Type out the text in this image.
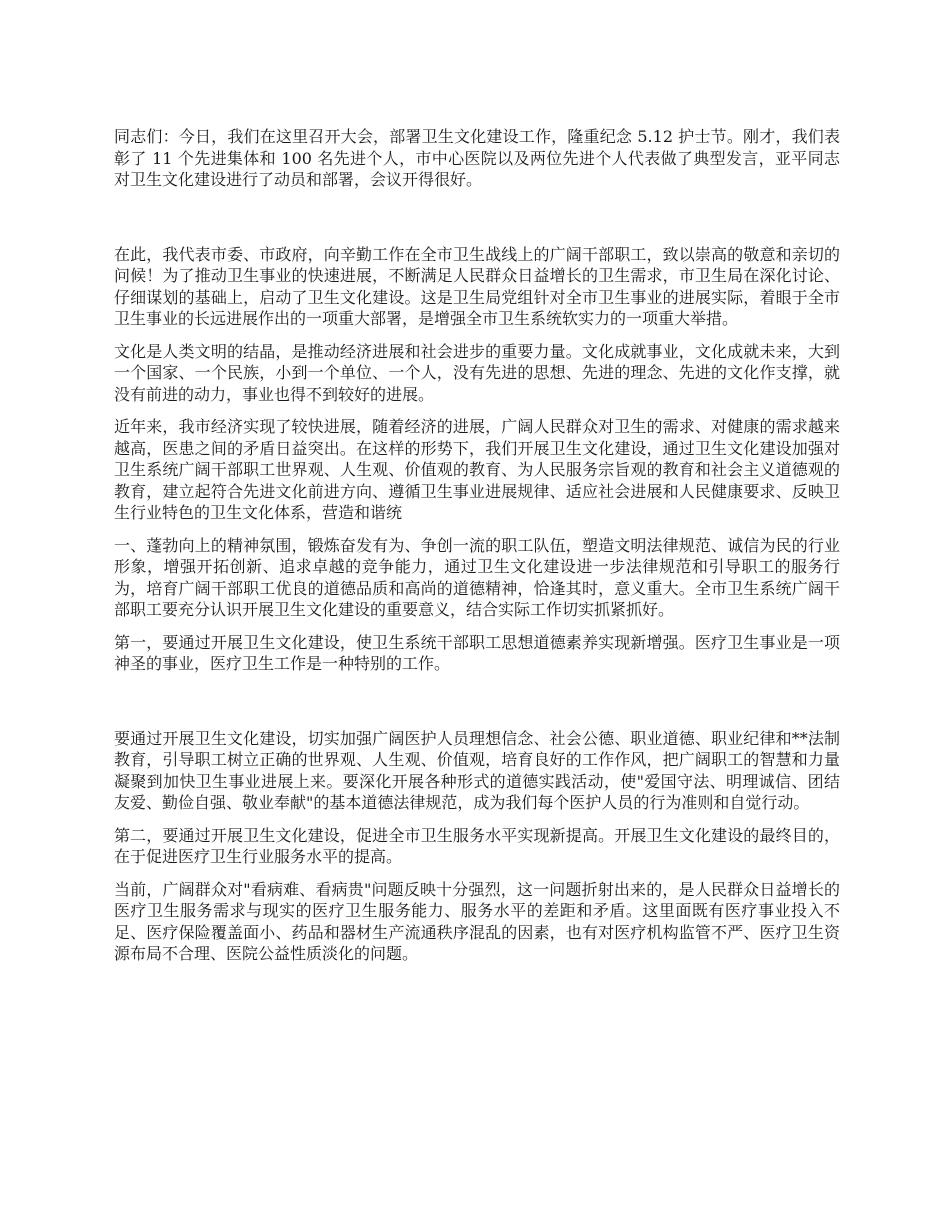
同志们：今日，我们在这里召开大会，部署卫生文化建设工作，隆重纪念 5.12 护士节。刚才，我们表彰了 11 个先进集体和 100 名先进个人，市中心医院以及两位先进个人代表做了典型发言，亚平同志对卫生文化建设进行了动员和部署，会议开得很好。

在此，我代表市委、市政府，向辛勤工作在全市卫生战线上的广阔干部职工，致以崇高的敬意和亲切的问候！为了推动卫生事业的快速进展，不断满足人民群众日益增长的卫生需求，市卫生局在深化讨论、仔细谋划的基础上，启动了卫生文化建设。这是卫生局党组针对全市卫生事业的进展实际，着眼于全市卫生事业的长远进展作出的一项重大部署，是增强全市卫生系统软实力的一项重大举措。

文化是人类文明的结晶，是推动经济进展和社会进步的重要力量。文化成就事业，文化成就未来，大到一个国家、一个民族，小到一个单位、一个人，没有先进的思想、先进的理念、先进的文化作支撑，就没有前进的动力，事业也得不到较好的进展。

近年来，我市经济实现了较快进展，随着经济的进展，广阔人民群众对卫生的需求、对健康的需求越来越高，医患之间的矛盾日益突出。在这样的形势下，我们开展卫生文化建设，通过卫生文化建设加强对卫生系统广阔干部职工世界观、人生观、价值观的教育、为人民服务宗旨观的教育和社会主义道德观的教育，建立起符合先进文化前进方向、遵循卫生事业进展规律、适应社会进展和人民健康要求、反映卫生行业特色的卫生文化体系，营造和谐统

一、蓬勃向上的精神氛围，锻炼奋发有为、争创一流的职工队伍，塑造文明法律规范、诚信为民的行业形象，增强开拓创新、追求卓越的竞争能力，通过卫生文化建设进一步法律规范和引导职工的服务行为，培育广阔干部职工优良的道德品质和高尚的道德精神，恰逢其时，意义重大。全市卫生系统广阔干部职工要充分认识开展卫生文化建设的重要意义，结合实际工作切实抓紧抓好。

第一，要通过开展卫生文化建设，使卫生系统干部职工思想道德素养实现新增强。医疗卫生事业是一项神圣的事业，医疗卫生工作是一种特别的工作。

要通过开展卫生文化建设，切实加强广阔医护人员理想信念、社会公德、职业道德、职业纪律和**法制教育，引导职工树立正确的世界观、人生观、价值观，培育良好的工作作风，把广阔职工的智慧和力量凝聚到加快卫生事业进展上来。要深化开展各种形式的道德实践活动，使"爱国守法、明理诚信、团结友爱、勤俭自强、敬业奉献"的基本道德法律规范，成为我们每个医护人员的行为准则和自觉行动。

第二，要通过开展卫生文化建设，促进全市卫生服务水平实现新提高。开展卫生文化建设的最终目的，在于促进医疗卫生行业服务水平的提高。

当前，广阔群众对"看病难、看病贵"问题反映十分强烈，这一问题折射出来的，是人民群众日益增长的医疗卫生服务需求与现实的医疗卫生服务能力、服务水平的差距和矛盾。这里面既有医疗事业投入不足、医疗保险覆盖面小、药品和器材生产流通秩序混乱的因素，也有对医疗机构监管不严、医疗卫生资源布局不合理、医院公益性质淡化的问题。
